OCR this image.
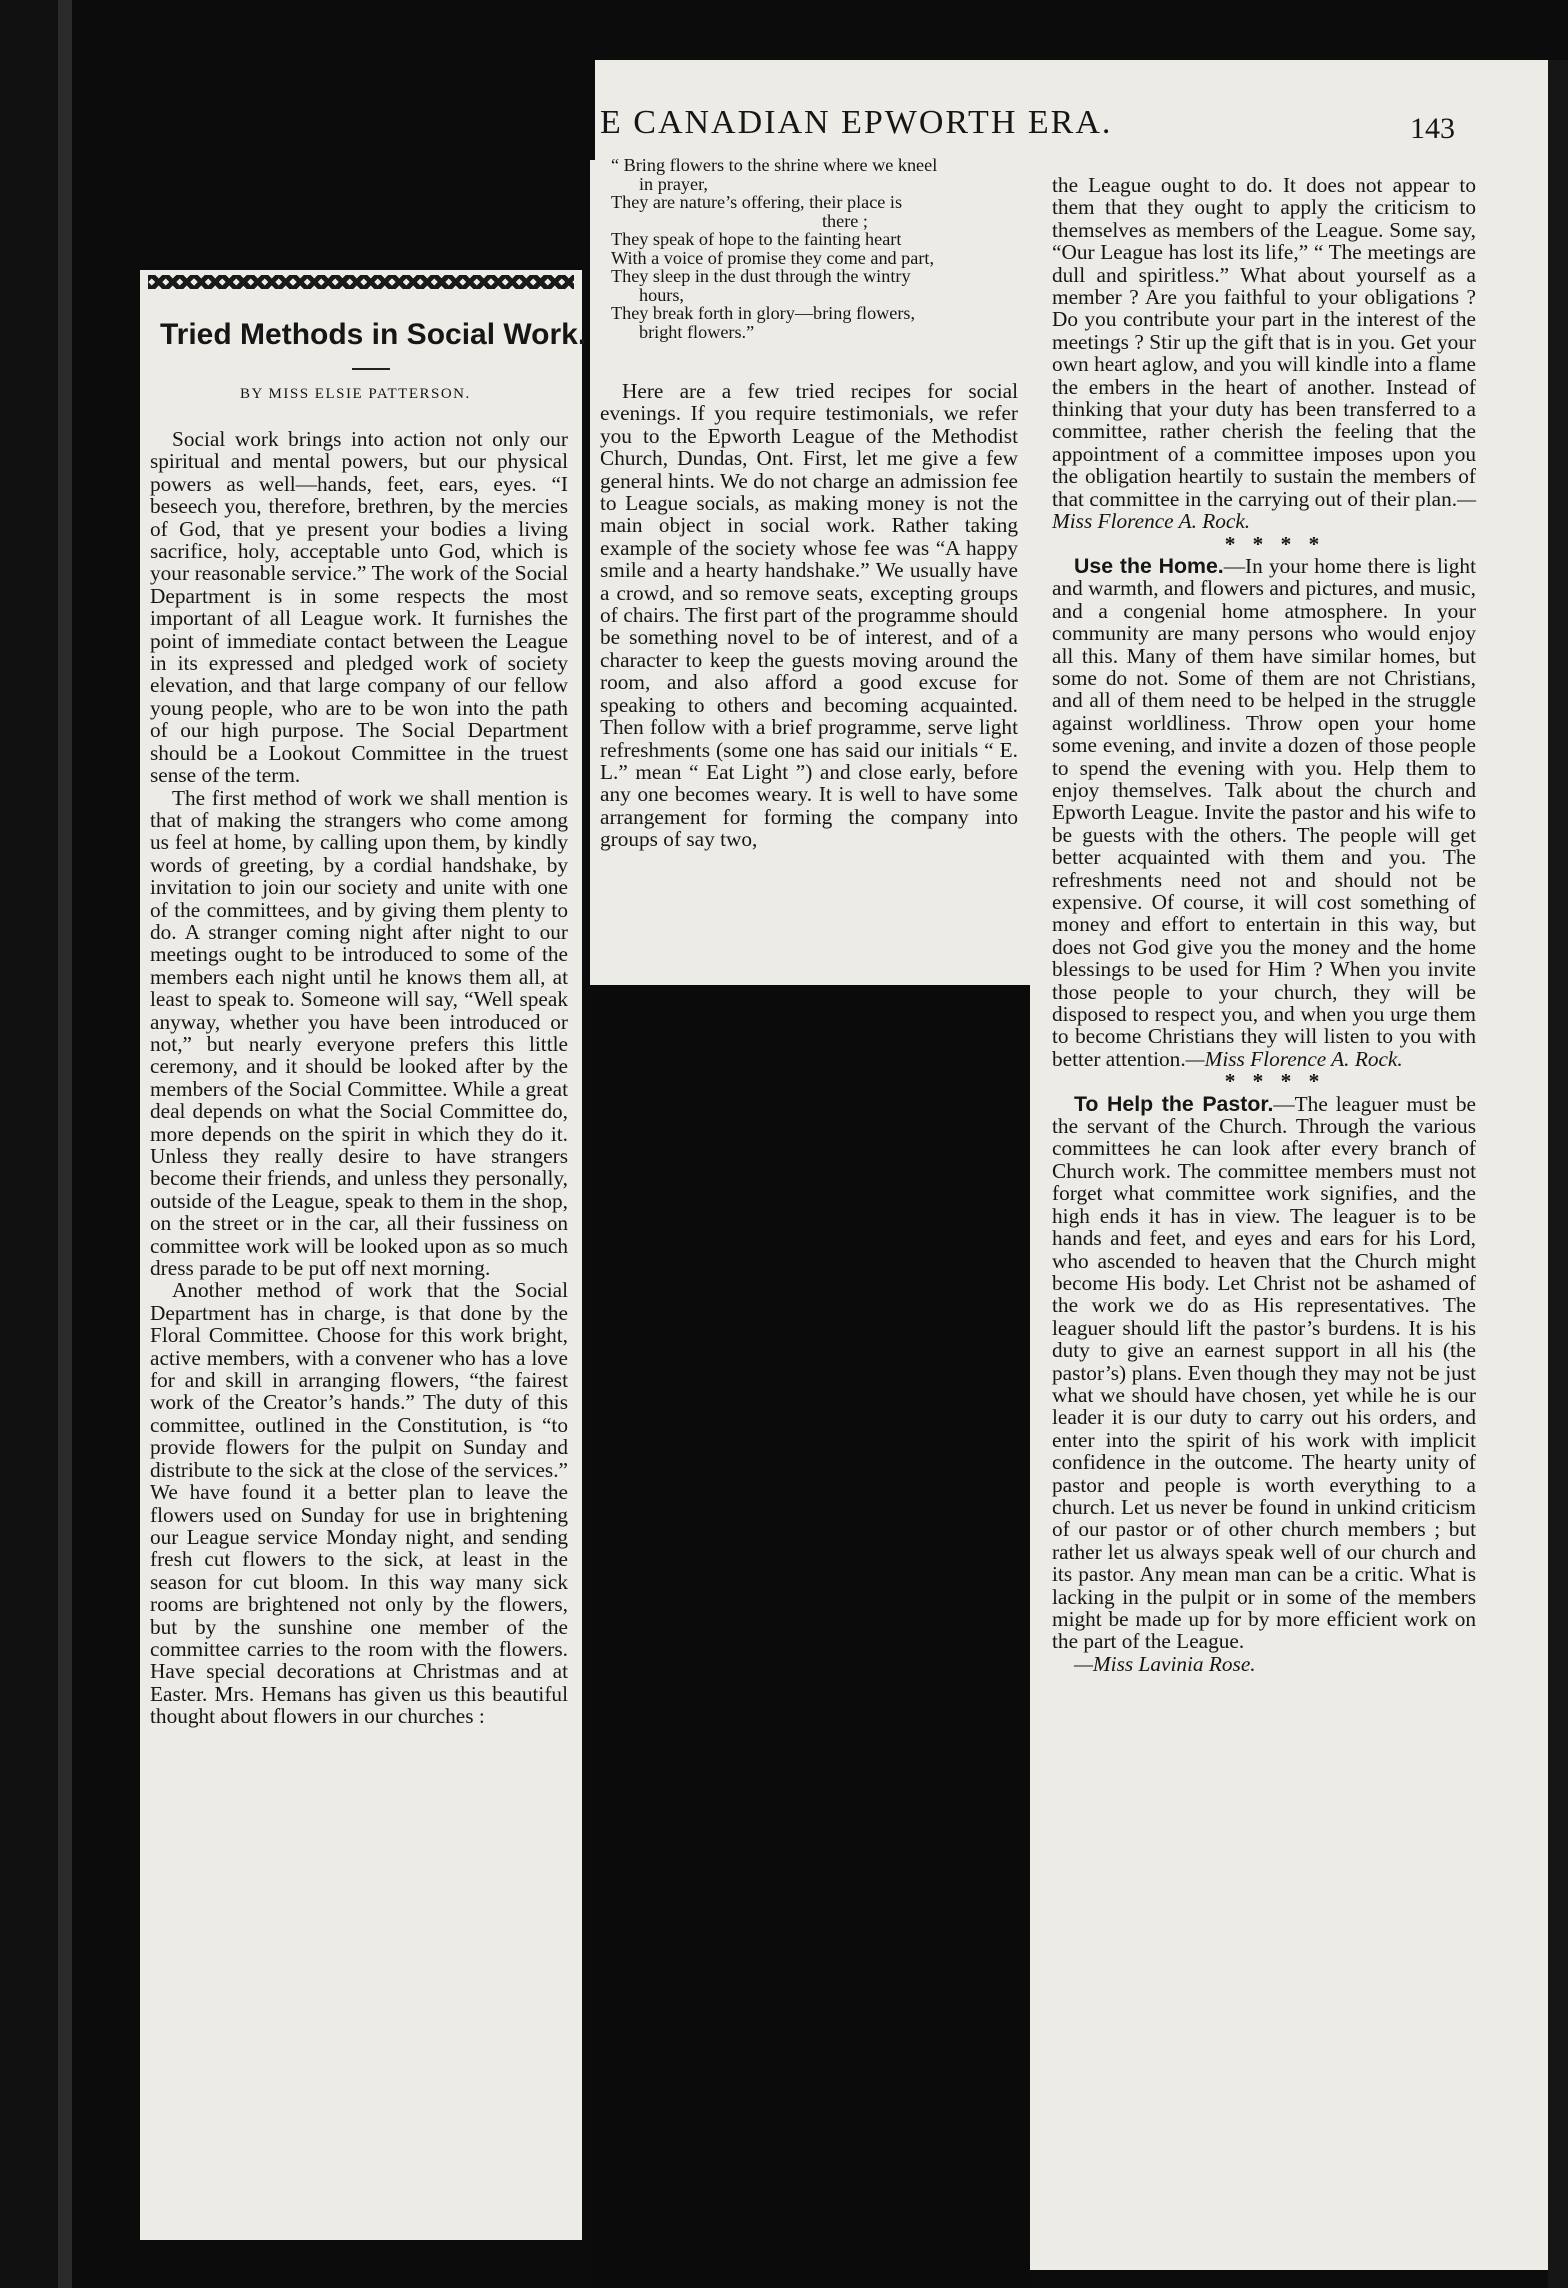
E CANADIAN EPWORTH ERA.	143
Tried Methods in Social Work.
BY MISS ELSIE PATTERSON.

Social work brings into action not only our spiritual and mental powers, but our physical powers as well—hands, feet, ears, eyes. “I beseech you, therefore, brethren, by the mercies of God, that ye present your bodies a living sacrifice, holy, acceptable unto God, which is your reasonable service.” The work of the Social Department is in some respects the most important of all League work. It furnishes the point of immediate contact between the League in its expressed and pledged work of society elevation, and that large company of our fellow young people, who are to be won into the path of our high purpose. The Social Department should be a Lookout Committee in the truest sense of the term.

The first method of work we shall mention is that of making the strangers who come among us feel at home, by calling upon them, by kindly words of greeting, by a cordial handshake, by invitation to join our society and unite with one of the committees, and by giving them plenty to do. A stranger coming night after night to our meetings ought to be introduced to some of the members each night until he knows them all, at least to speak to. Someone will say, “Well speak anyway, whether you have been introduced or not,” but nearly everyone prefers this little ceremony, and it should be looked after by the members of the Social Committee. While a great deal depends on what the Social Committee do, more depends on the spirit in which they do it. Unless they really desire to have strangers become their friends, and unless they personally, outside of the League, speak to them in the shop, on the street or in the car, all their fussiness on committee work will be looked upon as so much dress parade to be put off next morning.

Another method of work that the Social Department has in charge, is that done by the Floral Committee. Choose for this work bright, active members, with a convener who has a love for and skill in arranging flowers, “the fairest work of the Creator’s hands.” The duty of this committee, outlined in the Constitution, is “to provide flowers for the pulpit on Sunday and distribute to the sick at the close of the services.” We have found it a better plan to leave the flowers used on Sunday for use in brightening our League service Monday night, and sending fresh cut flowers to the sick, at least in the season for cut bloom. In this way many sick rooms are brightened not only by the flowers, but by the sunshine one member of the committee carries to the room with the flowers. Have special decorations at Christmas and at Easter. Mrs. Hemans has given us this beautiful thought about flowers in our churches :

“ Bring flowers to the shrine where we kneel
in prayer,
They are nature’s offering, their place is
there ;
They speak of hope to the fainting heart
With a voice of promise they come and part,
They sleep in the dust through the wintry
hours,
They break forth in glory—bring flowers,
bright flowers.”

Here are a few tried recipes for social evenings. If you require testimonials, we refer you to the Epworth League of the Methodist Church, Dundas, Ont. First, let me give a few general hints. We do not charge an admission fee to League socials, as making money is not the main object in social work. Rather taking example of the society whose fee was “A happy smile and a hearty handshake.” We usually have a crowd, and so remove seats, excepting groups of chairs. The first part of the programme should be something novel to be of interest, and of a character to keep the guests moving around the room, and also afford a good excuse for speaking to others and becoming acquainted. Then follow with a brief programme, serve light refreshments (some one has said our initials “ E. L.” mean “ Eat Light ”) and close early, before any one becomes weary. It is well to have some arrangement for forming the company into groups of say two,

the League ought to do. It does not appear to them that they ought to apply the criticism to themselves as members of the League. Some say, “Our League has lost its life,” “ The meetings are dull and spiritless.” What about yourself as a member ? Are you faithful to your obligations ? Do you contribute your part in the interest of the meetings ? Stir up the gift that is in you. Get your own heart aglow, and you will kindle into a flame the embers in the heart of another. Instead of thinking that your duty has been transferred to a committee, rather cherish the feeling that the appointment of a committee imposes upon you the obligation heartily to sustain the members of that committee in the carrying out of their plan.—Miss Florence A. Rock.

* * * *

Use the Home.—In your home there is light and warmth, and flowers and pictures, and music, and a congenial home atmosphere. In your community are many persons who would enjoy all this. Many of them have similar homes, but some do not. Some of them are not Christians, and all of them need to be helped in the struggle against worldliness. Throw open your home some evening, and invite a dozen of those people to spend the evening with you. Help them to enjoy themselves. Talk about the church and Epworth League. Invite the pastor and his wife to be guests with the others. The people will get better acquainted with them and you. The refreshments need not and should not be expensive. Of course, it will cost something of money and effort to entertain in this way, but does not God give you the money and the home blessings to be used for Him ? When you invite those people to your church, they will be disposed to respect you, and when you urge them to become Christians they will listen to you with better attention.—Miss Florence A. Rock.

* * * *

To Help the Pastor.—The leaguer must be the servant of the Church. Through the various committees he can look after every branch of Church work. The committee members must not forget what committee work signifies, and the high ends it has in view. The leaguer is to be hands and feet, and eyes and ears for his Lord, who ascended to heaven that the Church might become His body. Let Christ not be ashamed of the work we do as His representatives. The leaguer should lift the pastor’s burdens. It is his duty to give an earnest support in all his (the pastor’s) plans. Even though they may not be just what we should have chosen, yet while he is our leader it is our duty to carry out his orders, and enter into the spirit of his work with implicit confidence in the outcome. The hearty unity of pastor and people is worth everything to a church. Let us never be found in unkind criticism of our pastor or of other church members ; but rather let us always speak well of our church and its pastor. Any mean man can be a critic. What is lacking in the pulpit or in some of the members might be made up for by more efficient work on the part of the League.

—Miss Lavinia Rose.
